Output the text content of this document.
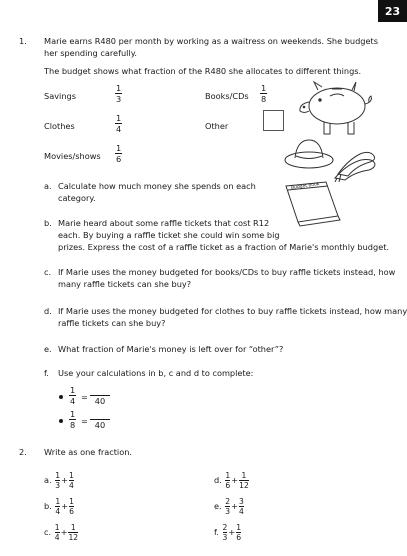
23
1. Marie earns R480 per month by working as a waitress on weekends. She budgets
her spending carefully.
The budget shows what fraction of the R480 she allocates to different things.
Savings	$\frac{1}{3}$	Books/CDs $\frac{1}{8}$
Clothes	$\frac{1}{4}$	Other
Movies/shows $\frac{1}{6}$
Budget book
a. Calculate how much money she spends on each
category.
b. Marie heard about some raffle tickets that cost R12
each. By buying a raffle ticket she could win some big
prizes. Express the cost of a raffle ticket as a fraction of Marie's monthly budget.
c. If Marie uses the money budgeted for books/CDs to buy raffle tickets instead, how
many raffle tickets can she buy?
d. If Marie uses the money budgeted for clothes to buy raffle tickets instead, how many
raffle tickets can she buy?
e. What fraction of Marie's money is left over for “other”?
f. Use your calculations in b, c and d to complete:
$\frac{1}{4} = 40$
$\frac{1}{8} = 40$
2. Write as one fraction.
a. $\frac{1}{3} + \frac{1}{4}$
b. $\frac{1}{4} + \frac{1}{6}$
c. $\frac{1}{4} + \frac{1}{12}$
d. $\frac{1}{6} + \frac{1}{12}$
e. $\frac{2}{3} + \frac{3}{4}$
f. $\frac{2}{3} + \frac{1}{6}$
